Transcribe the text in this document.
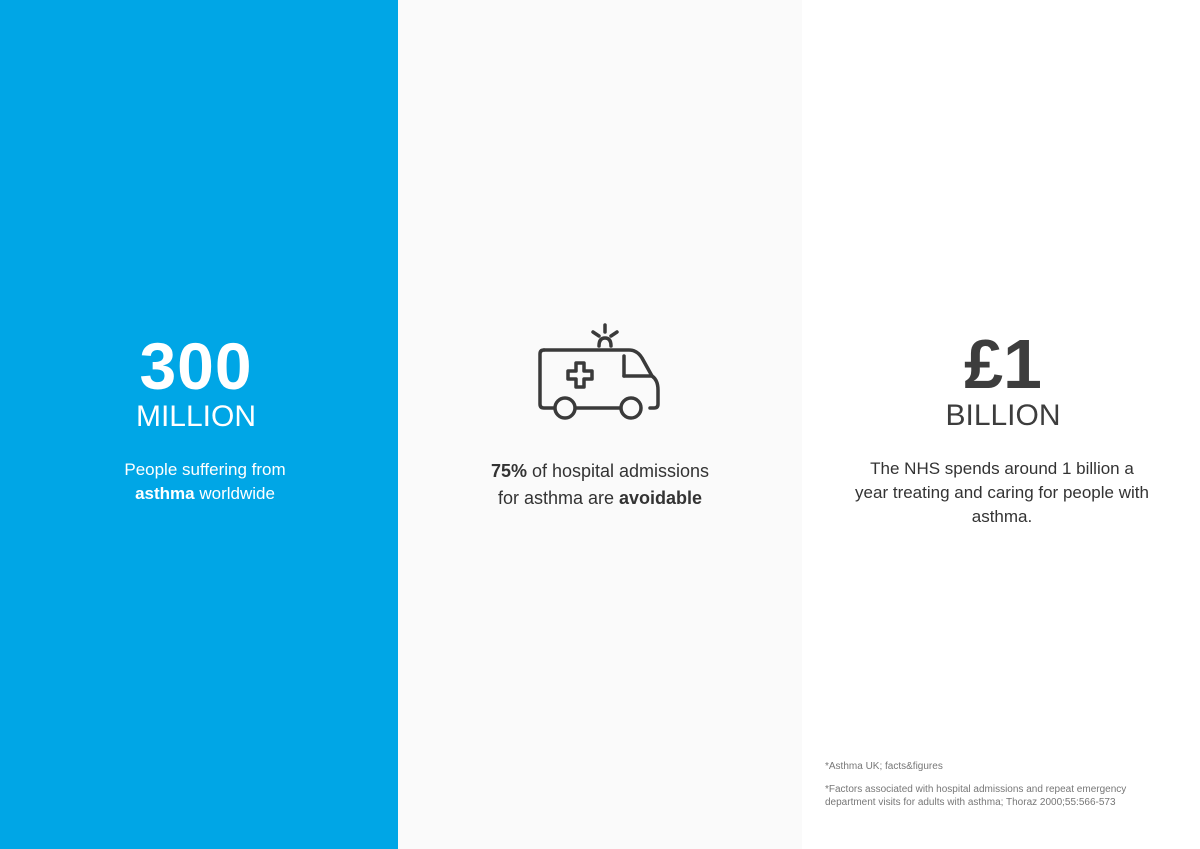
300
MILLION
People suffering from
asthma worldwide
75% of hospital admissions
for asthma are avoidable
£1
BILLION
The NHS spends around 1 billion a year treating and caring for people with asthma.
*Asthma UK; facts&figures
*Factors associated with hospital admissions and repeat emergency department visits for adults with asthma; Thoraz 2000;55:566-573
